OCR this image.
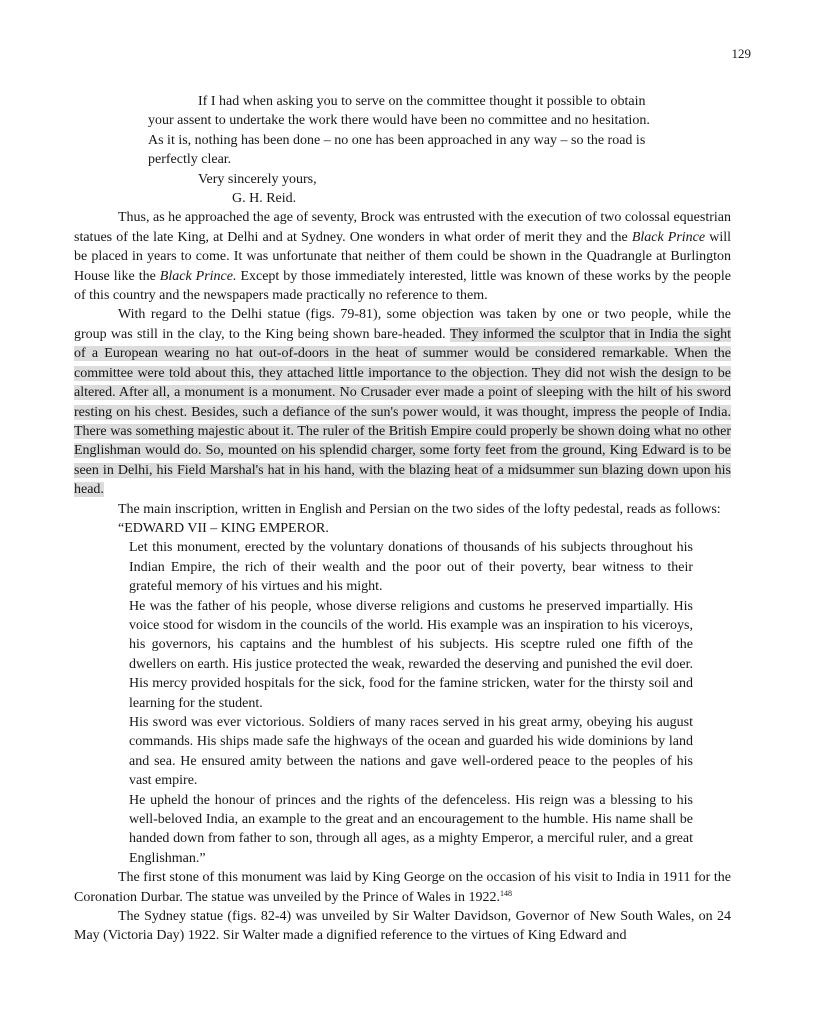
129

If I had when asking you to serve on the committee thought it possible to obtain your assent to undertake the work there would have been no committee and no hesitation. As it is, nothing has been done – no one has been approached in any way – so the road is perfectly clear.

Very sincerely yours,

G. H. Reid.

Thus, as he approached the age of seventy, Brock was entrusted with the execution of two colossal equestrian statues of the late King, at Delhi and at Sydney. One wonders in what order of merit they and the Black Prince will be placed in years to come. It was unfortunate that neither of them could be shown in the Quadrangle at Burlington House like the Black Prince. Except by those immediately interested, little was known of these works by the people of this country and the newspapers made practically no reference to them.

With regard to the Delhi statue (figs. 79-81), some objection was taken by one or two people, while the group was still in the clay, to the King being shown bare-headed. They informed the sculptor that in India the sight of a European wearing no hat out-of-doors in the heat of summer would be considered remarkable. When the committee were told about this, they attached little importance to the objection. They did not wish the design to be altered. After all, a monument is a monument. No Crusader ever made a point of sleeping with the hilt of his sword resting on his chest. Besides, such a defiance of the sun's power would, it was thought, impress the people of India. There was something majestic about it. The ruler of the British Empire could properly be shown doing what no other Englishman would do. So, mounted on his splendid charger, some forty feet from the ground, King Edward is to be seen in Delhi, his Field Marshal's hat in his hand, with the blazing heat of a midsummer sun blazing down upon his head.

The main inscription, written in English and Persian on the two sides of the lofty pedestal, reads as follows:

“EDWARD VII – KING EMPEROR.

Let this monument, erected by the voluntary donations of thousands of his subjects throughout his Indian Empire, the rich of their wealth and the poor out of their poverty, bear witness to their grateful memory of his virtues and his might.

He was the father of his people, whose diverse religions and customs he preserved impartially. His voice stood for wisdom in the councils of the world. His example was an inspiration to his viceroys, his governors, his captains and the humblest of his subjects. His sceptre ruled one fifth of the dwellers on earth. His justice protected the weak, rewarded the deserving and punished the evil doer. His mercy provided hospitals for the sick, food for the famine stricken, water for the thirsty soil and learning for the student.

His sword was ever victorious. Soldiers of many races served in his great army, obeying his august commands. His ships made safe the highways of the ocean and guarded his wide dominions by land and sea. He ensured amity between the nations and gave well-ordered peace to the peoples of his vast empire.

He upheld the honour of princes and the rights of the defenceless. His reign was a blessing to his well-beloved India, an example to the great and an encouragement to the humble. His name shall be handed down from father to son, through all ages, as a mighty Emperor, a merciful ruler, and a great Englishman.”

The first stone of this monument was laid by King George on the occasion of his visit to India in 1911 for the Coronation Durbar. The statue was unveiled by the Prince of Wales in 1922.$^{148}$

The Sydney statue (figs. 82-4) was unveiled by Sir Walter Davidson, Governor of New South Wales, on 24 May (Victoria Day) 1922. Sir Walter made a dignified reference to the virtues of King Edward and
